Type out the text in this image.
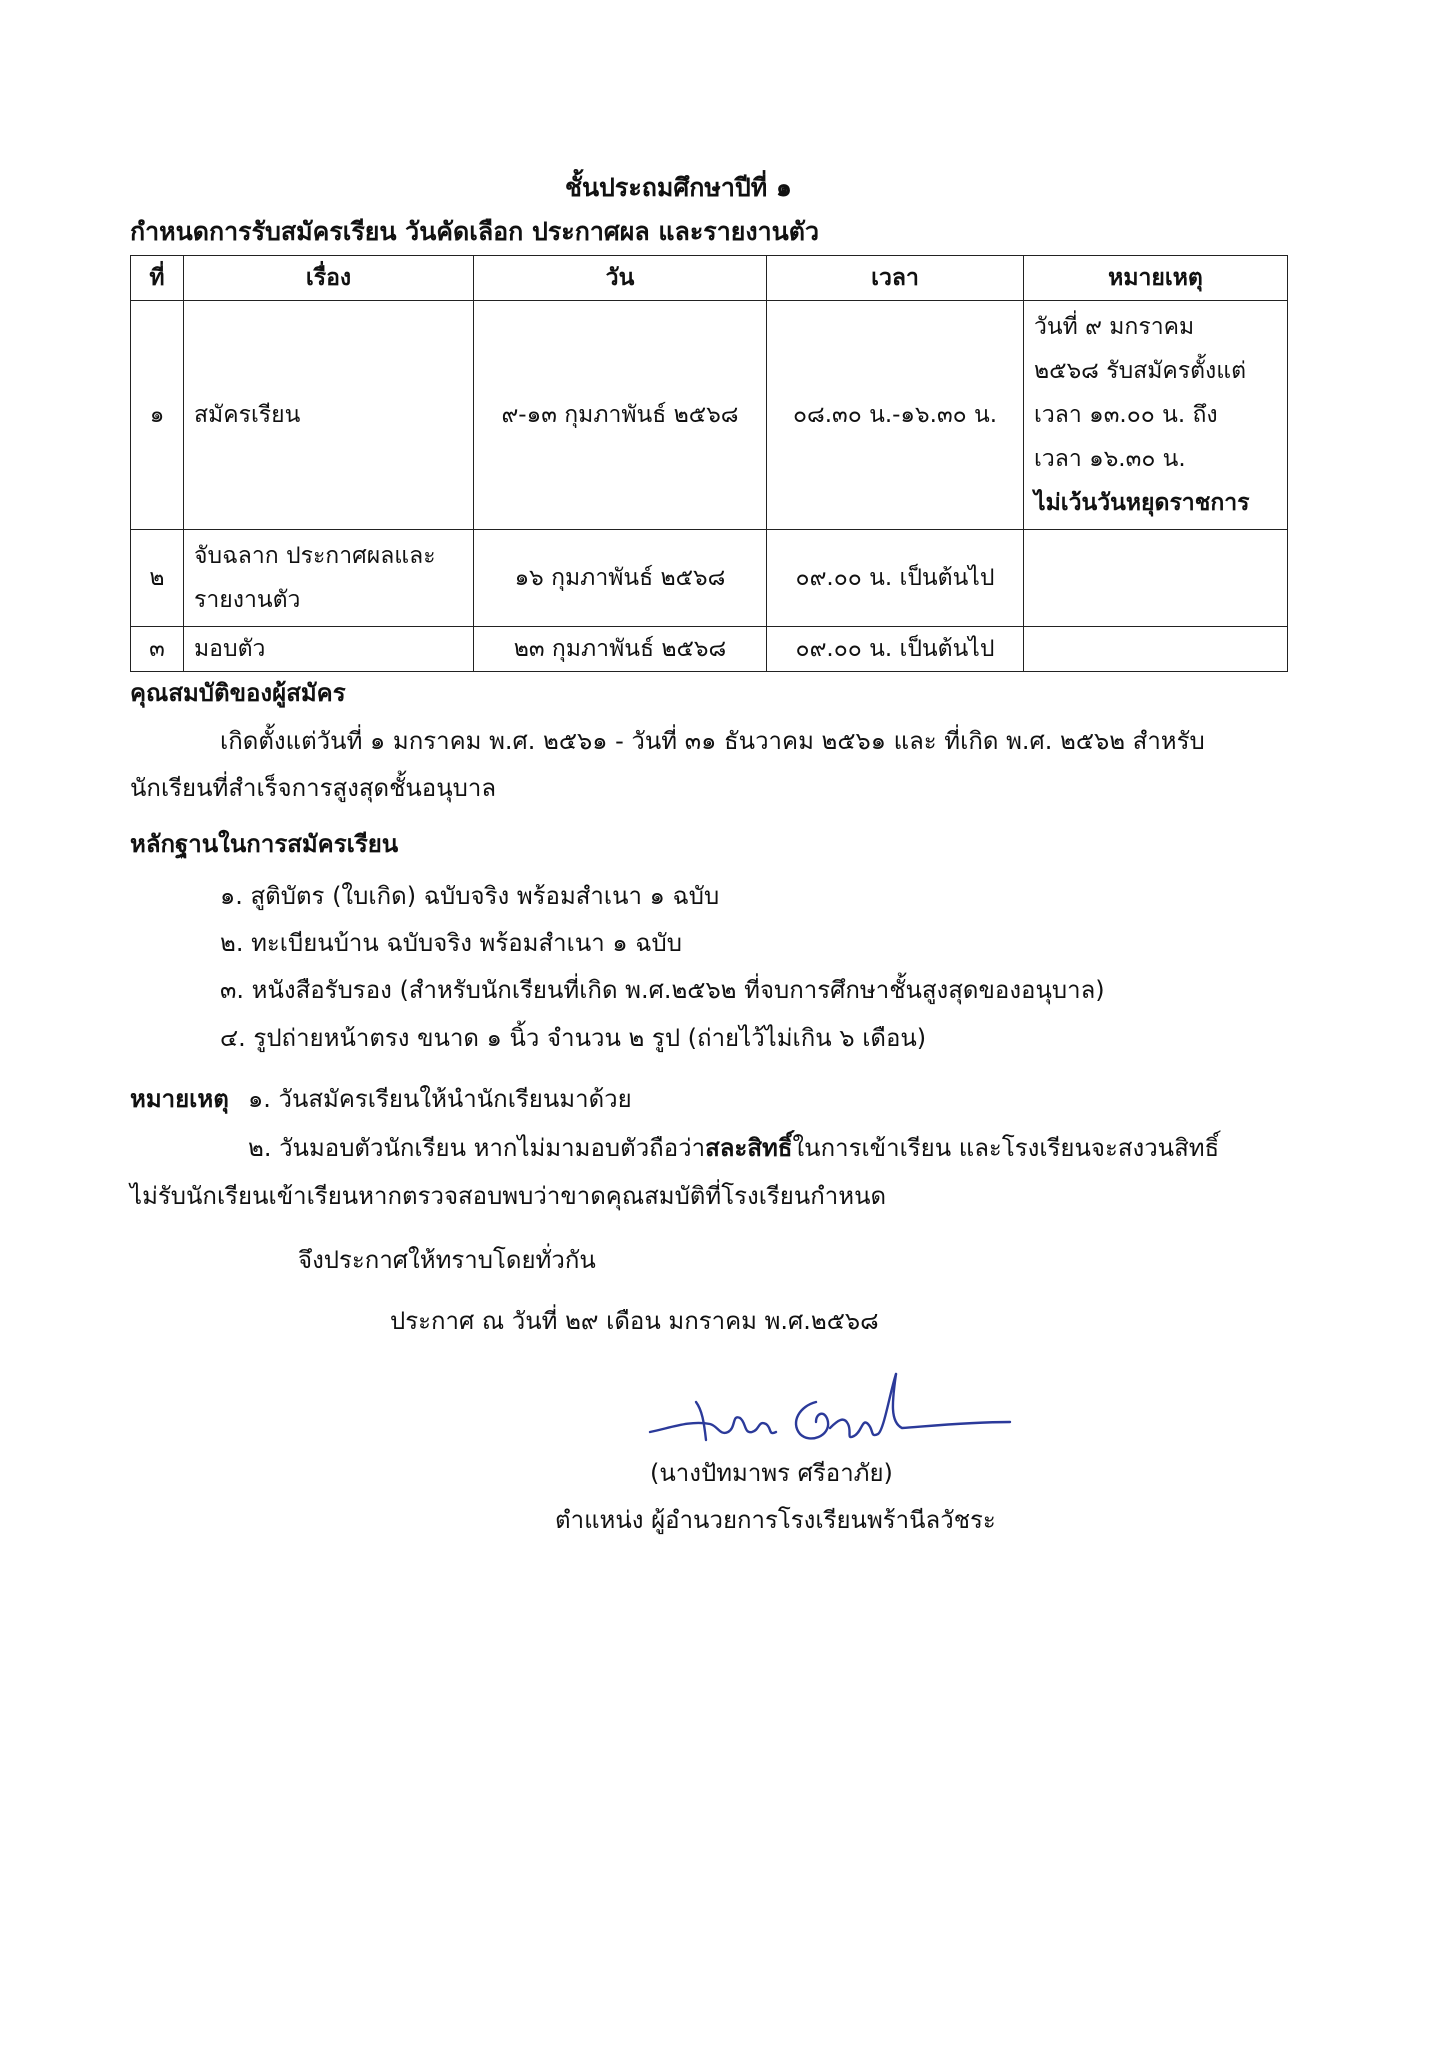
ชั้นประถมศึกษาปีที่ ๑
กำหนดการรับสมัครเรียน วันคัดเลือก ประกาศผล และรายงานตัว
ที่	เรื่อง	วัน	เวลา	หมายเหตุ
๑	สมัครเรียน	๙-๑๓ กุมภาพันธ์ ๒๕๖๘	๐๘.๓๐ น.-๑๖.๓๐ น.	วันที่ ๙ มกราคม
๒๕๖๘ รับสมัครตั้งแต่
เวลา ๑๓.๐๐ น. ถึง
เวลา ๑๖.๓๐ น.
ไม่เว้นวันหยุดราชการ

๒	จับฉลาก ประกาศผลและ
รายงานตัว	๑๖ กุมภาพันธ์ ๒๕๖๘	๐๙.๐๐ น. เป็นต้นไป	
๓	มอบตัว	๒๓ กุมภาพันธ์ ๒๕๖๘	๐๙.๐๐ น. เป็นต้นไป	
คุณสมบัติของผู้สมัคร
เกิดตั้งแต่วันที่ ๑ มกราคม พ.ศ. ๒๕๖๑ - วันที่ ๓๑ ธันวาคม ๒๕๖๑ และ ที่เกิด พ.ศ. ๒๕๖๒ สำหรับ
นักเรียนที่สำเร็จการสูงสุดชั้นอนุบาล
หลักฐานในการสมัครเรียน
๑. สูติบัตร (ใบเกิด) ฉบับจริง พร้อมสำเนา ๑ ฉบับ
๒. ทะเบียนบ้าน ฉบับจริง พร้อมสำเนา ๑ ฉบับ
๓. หนังสือรับรอง (สำหรับนักเรียนที่เกิด พ.ศ.๒๕๖๒ ที่จบการศึกษาชั้นสูงสุดของอนุบาล)
๔. รูปถ่ายหน้าตรง ขนาด ๑ นิ้ว จำนวน ๒ รูป (ถ่ายไว้ไม่เกิน ๖ เดือน)
หมายเหตุ ๑. วันสมัครเรียนให้นำนักเรียนมาด้วย
๒. วันมอบตัวนักเรียน หากไม่มามอบตัวถือว่าสละสิทธิ์ในการเข้าเรียน และโรงเรียนจะสงวนสิทธิ์
ไม่รับนักเรียนเข้าเรียนหากตรวจสอบพบว่าขาดคุณสมบัติที่โรงเรียนกำหนด
จึงประกาศให้ทราบโดยทั่วกัน
ประกาศ ณ วันที่ ๒๙ เดือน มกราคม พ.ศ.๒๕๖๘
(นางปัทมาพร ศรีอาภัย)
ตำแหน่ง ผู้อำนวยการโรงเรียนพร้านีลวัชระ
